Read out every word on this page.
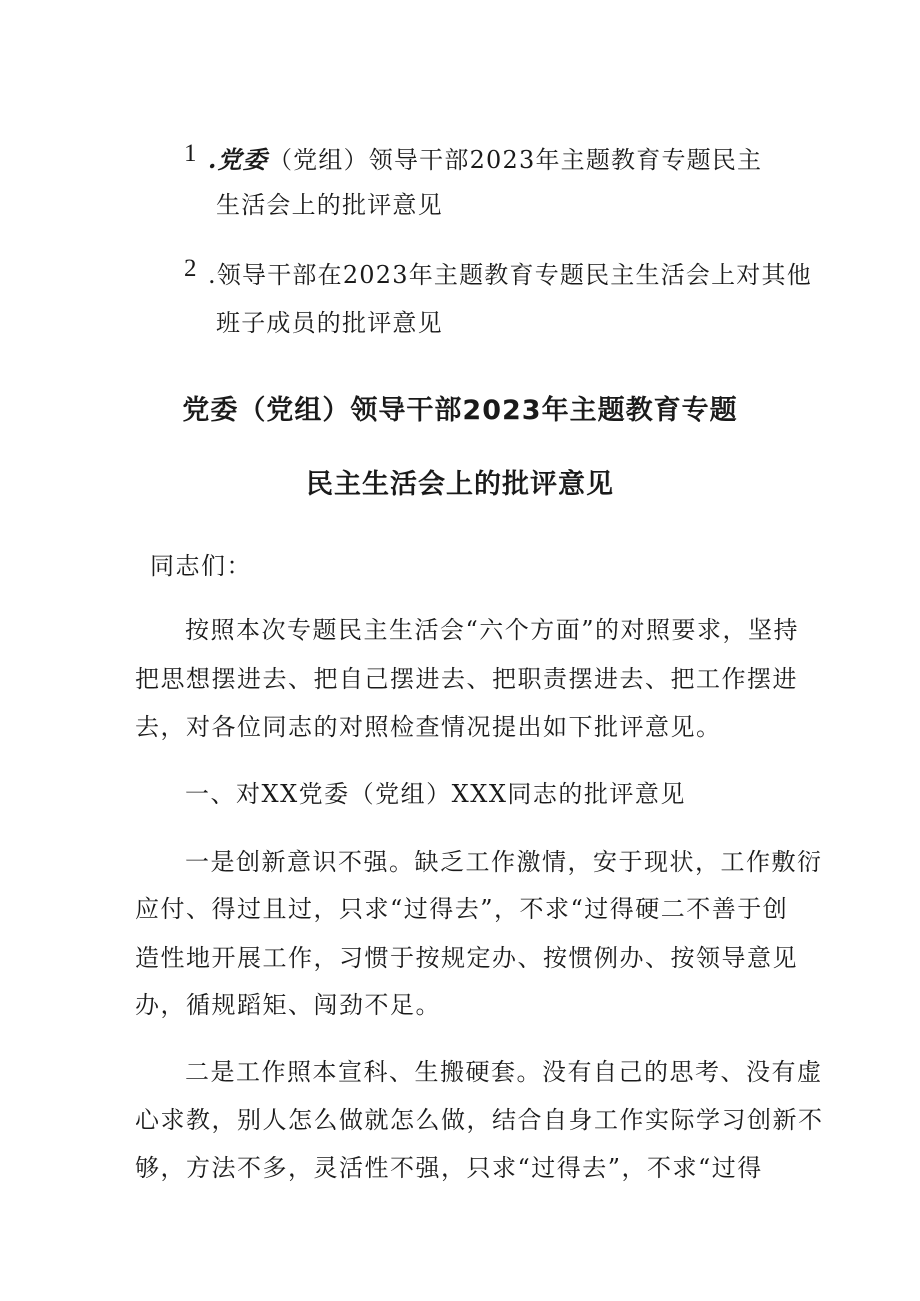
1 .党委（党组）领导干部2023年主题教育专题民主
生活会上的批评意见
2 .领导干部在2023年主题教育专题民主生活会上对其他
班子成员的批评意见
党委（党组）领导干部2023年主题教育专题
民主生活会上的批评意见
同志们：
按照本次专题民主生活会“六个方面”的对照要求，坚持
把思想摆进去、把自己摆进去、把职责摆进去、把工作摆进
去，对各位同志的对照检查情况提出如下批评意见。
一、对XX党委（党组）XXX同志的批评意见
一是创新意识不强。缺乏工作激情，安于现状，工作敷衍
应付、得过且过，只求“过得去”，不求“过得硬二不善于创
造性地开展工作，习惯于按规定办、按惯例办、按领导意见
办，循规蹈矩、闯劲不足。
二是工作照本宣科、生搬硬套。没有自己的思考、没有虚
心求教，别人怎么做就怎么做，结合自身工作实际学习创新不
够，方法不多，灵活性不强，只求“过得去”，不求“过得
